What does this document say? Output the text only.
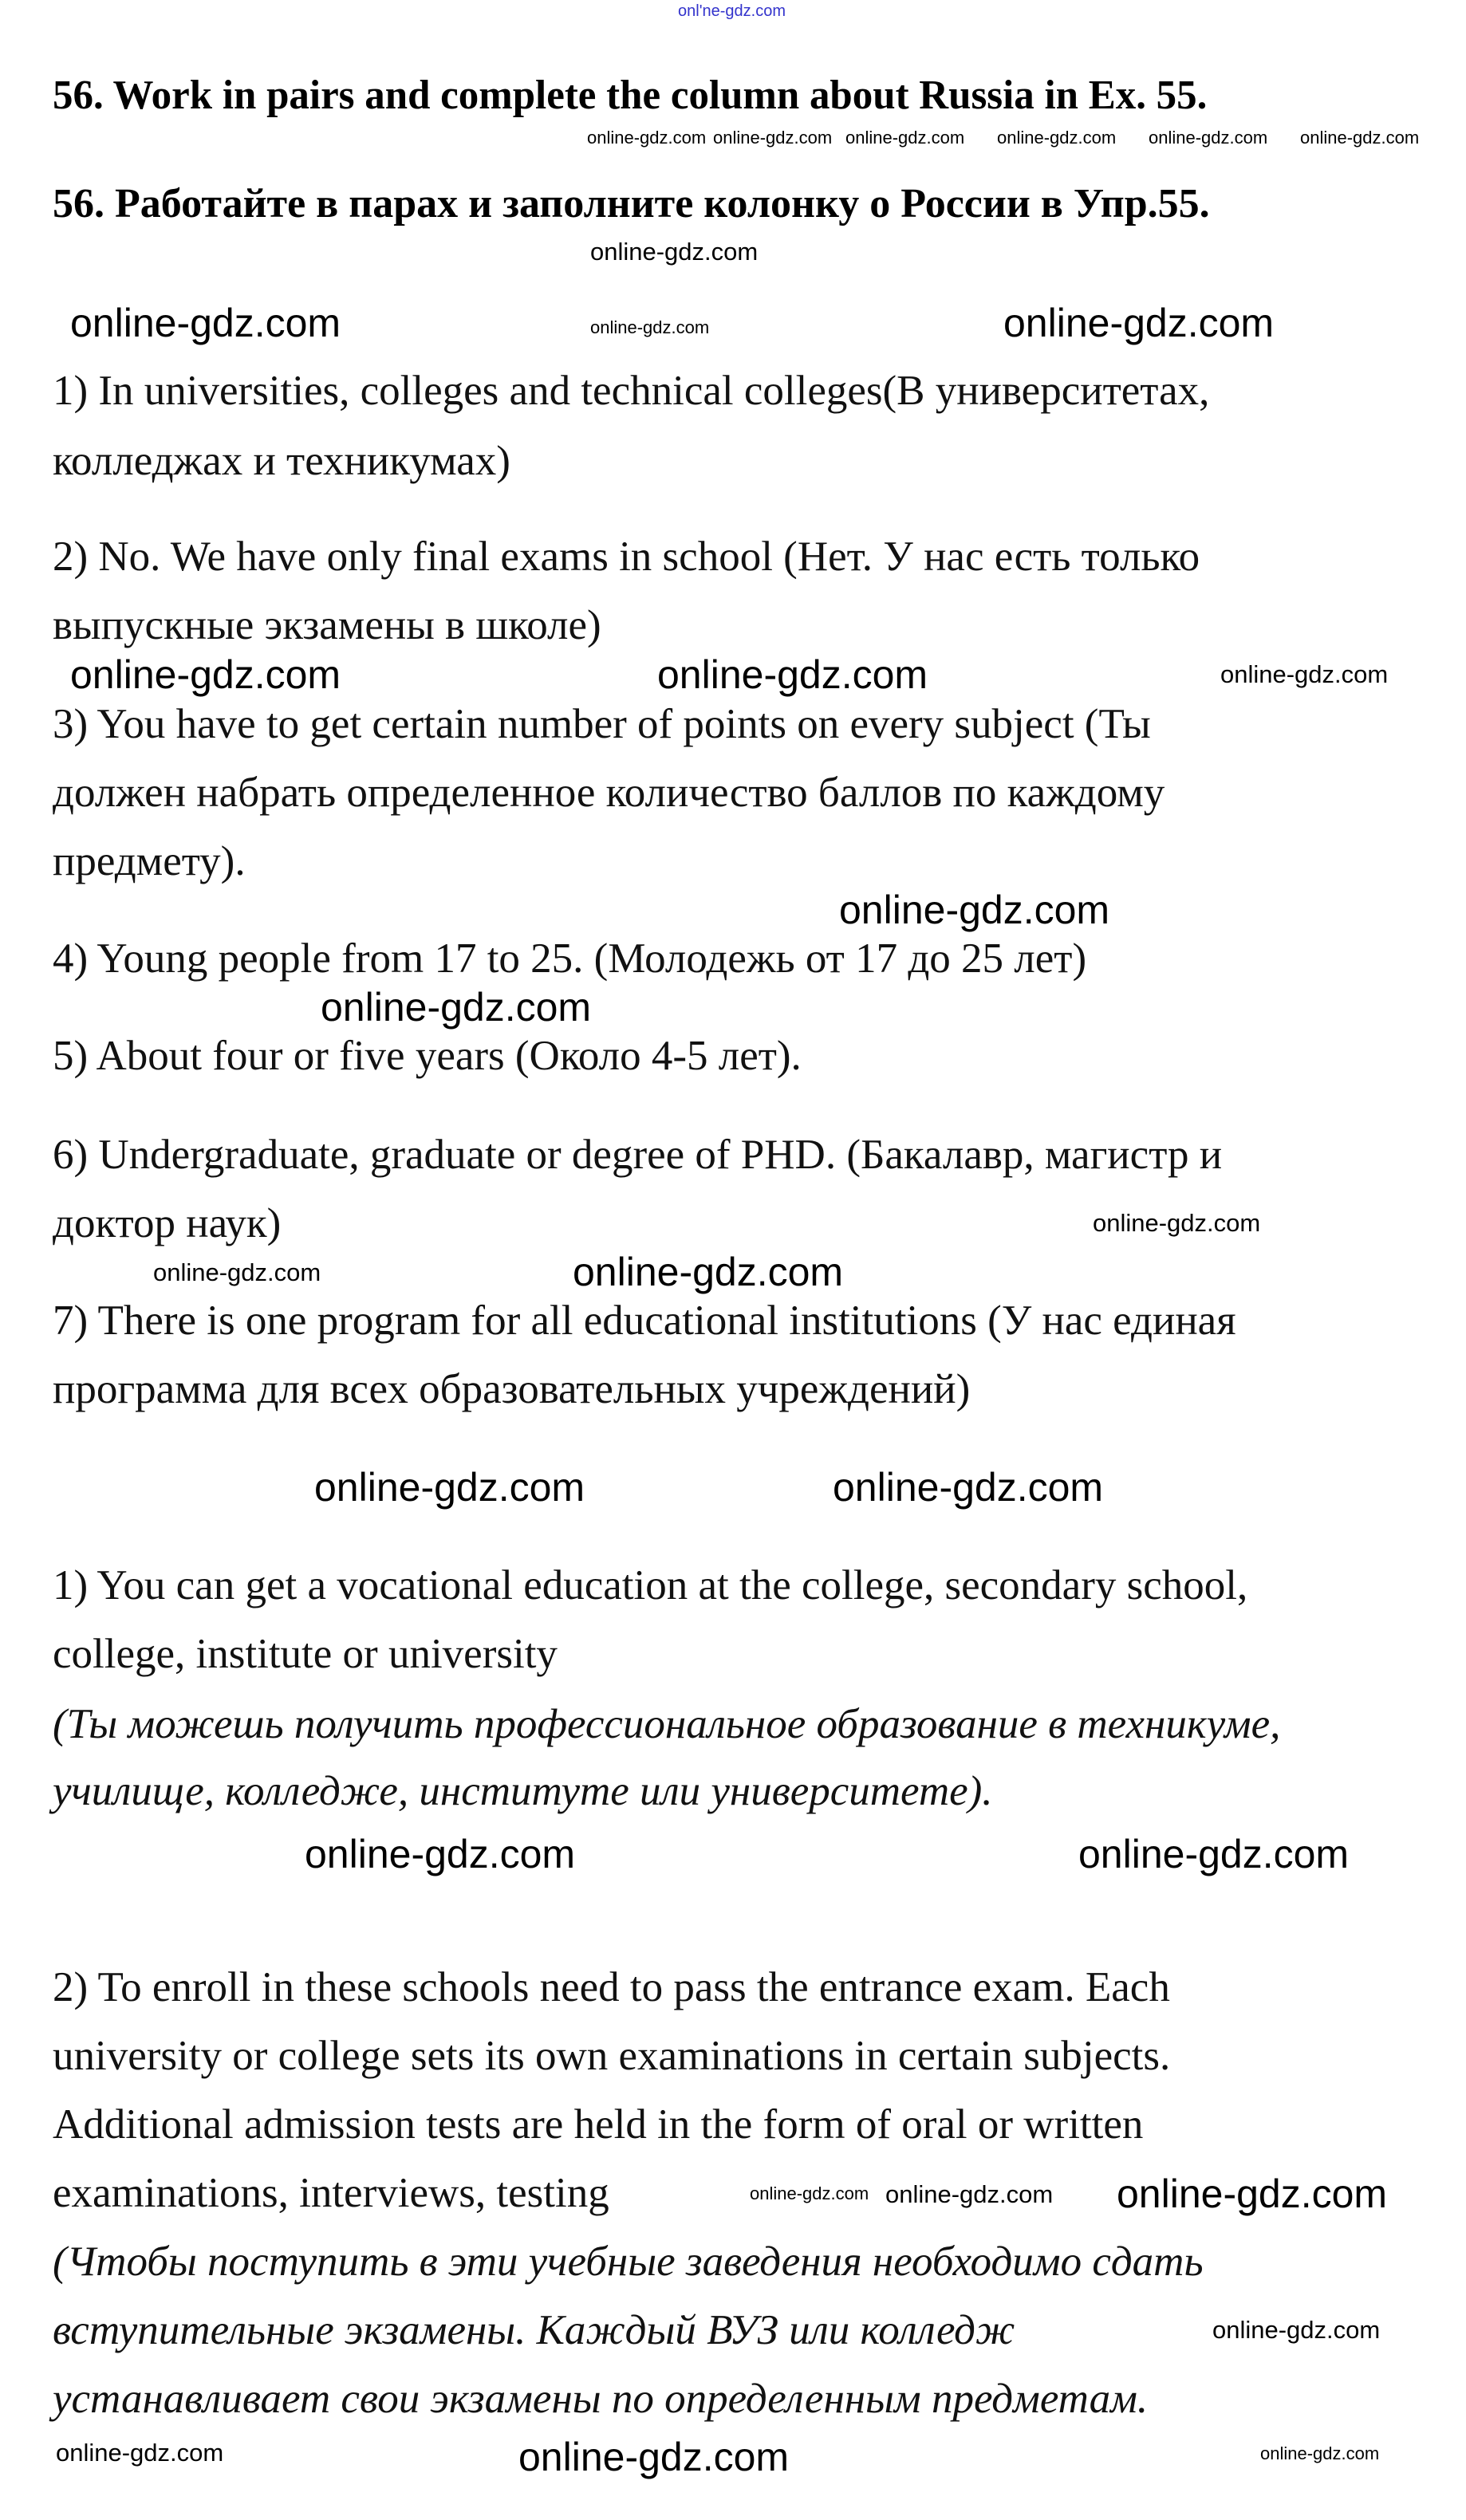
onl'ne-gdz.com
56. Work in pairs and complete the column about Russia in Ex. 55.
56. Работайте в парах и заполните колонку о России в Упр.55.
1) In universities, colleges and technical colleges(В университетах,
колледжах и техникумах)
2) No. We have only final exams in school (Нет. У нас есть только
выпускные экзамены в школе)
3) You have to get certain number of points on every subject (Ты
должен набрать определенное количество баллов по каждому
предмету).
4) Young people from 17 to 25. (Молодежь от 17 до 25 лет)
5) About four or five years (Около 4-5 лет).
6) Undergraduate, graduate or degree of PHD. (Бакалавр, магистр и
доктор наук)
7) There is one program for all educational institutions (У нас единая
программа для всех образовательных учреждений)
1) You can get a vocational education at the college, secondary school,
college, institute or university
(Ты можешь получить профессиональное образование в техникуме,
училище, колледже, институте или университете).
2) To enroll in these schools need to pass the entrance exam. Each
university or college sets its own examinations in certain subjects.
Additional admission tests are held in the form of oral or written
examinations, interviews, testing
(Чтобы поступить в эти учебные заведения необходимо сдать
вступительные экзамены. Каждый ВУЗ или колледж
устанавливает свои экзамены по определенным предметам.
online-gdz.com online-gdz.com online-gdz.com online-gdz.com online-gdz.com online-gdz.com
online-gdz.com
online-gdz.com	online-gdz.com	online-gdz.com
online-gdz.com	online-gdz.com	online-gdz.com
online-gdz.com
online-gdz.com
online-gdz.com
online-gdz.com	online-gdz.com
online-gdz.com	online-gdz.com
online-gdz.com
online-gdz.com
online-gdz.com online-gdz.com
online-gdz.com
online-gdz.com
online-gdz.com	online-gdz.com	online-gdz.com
